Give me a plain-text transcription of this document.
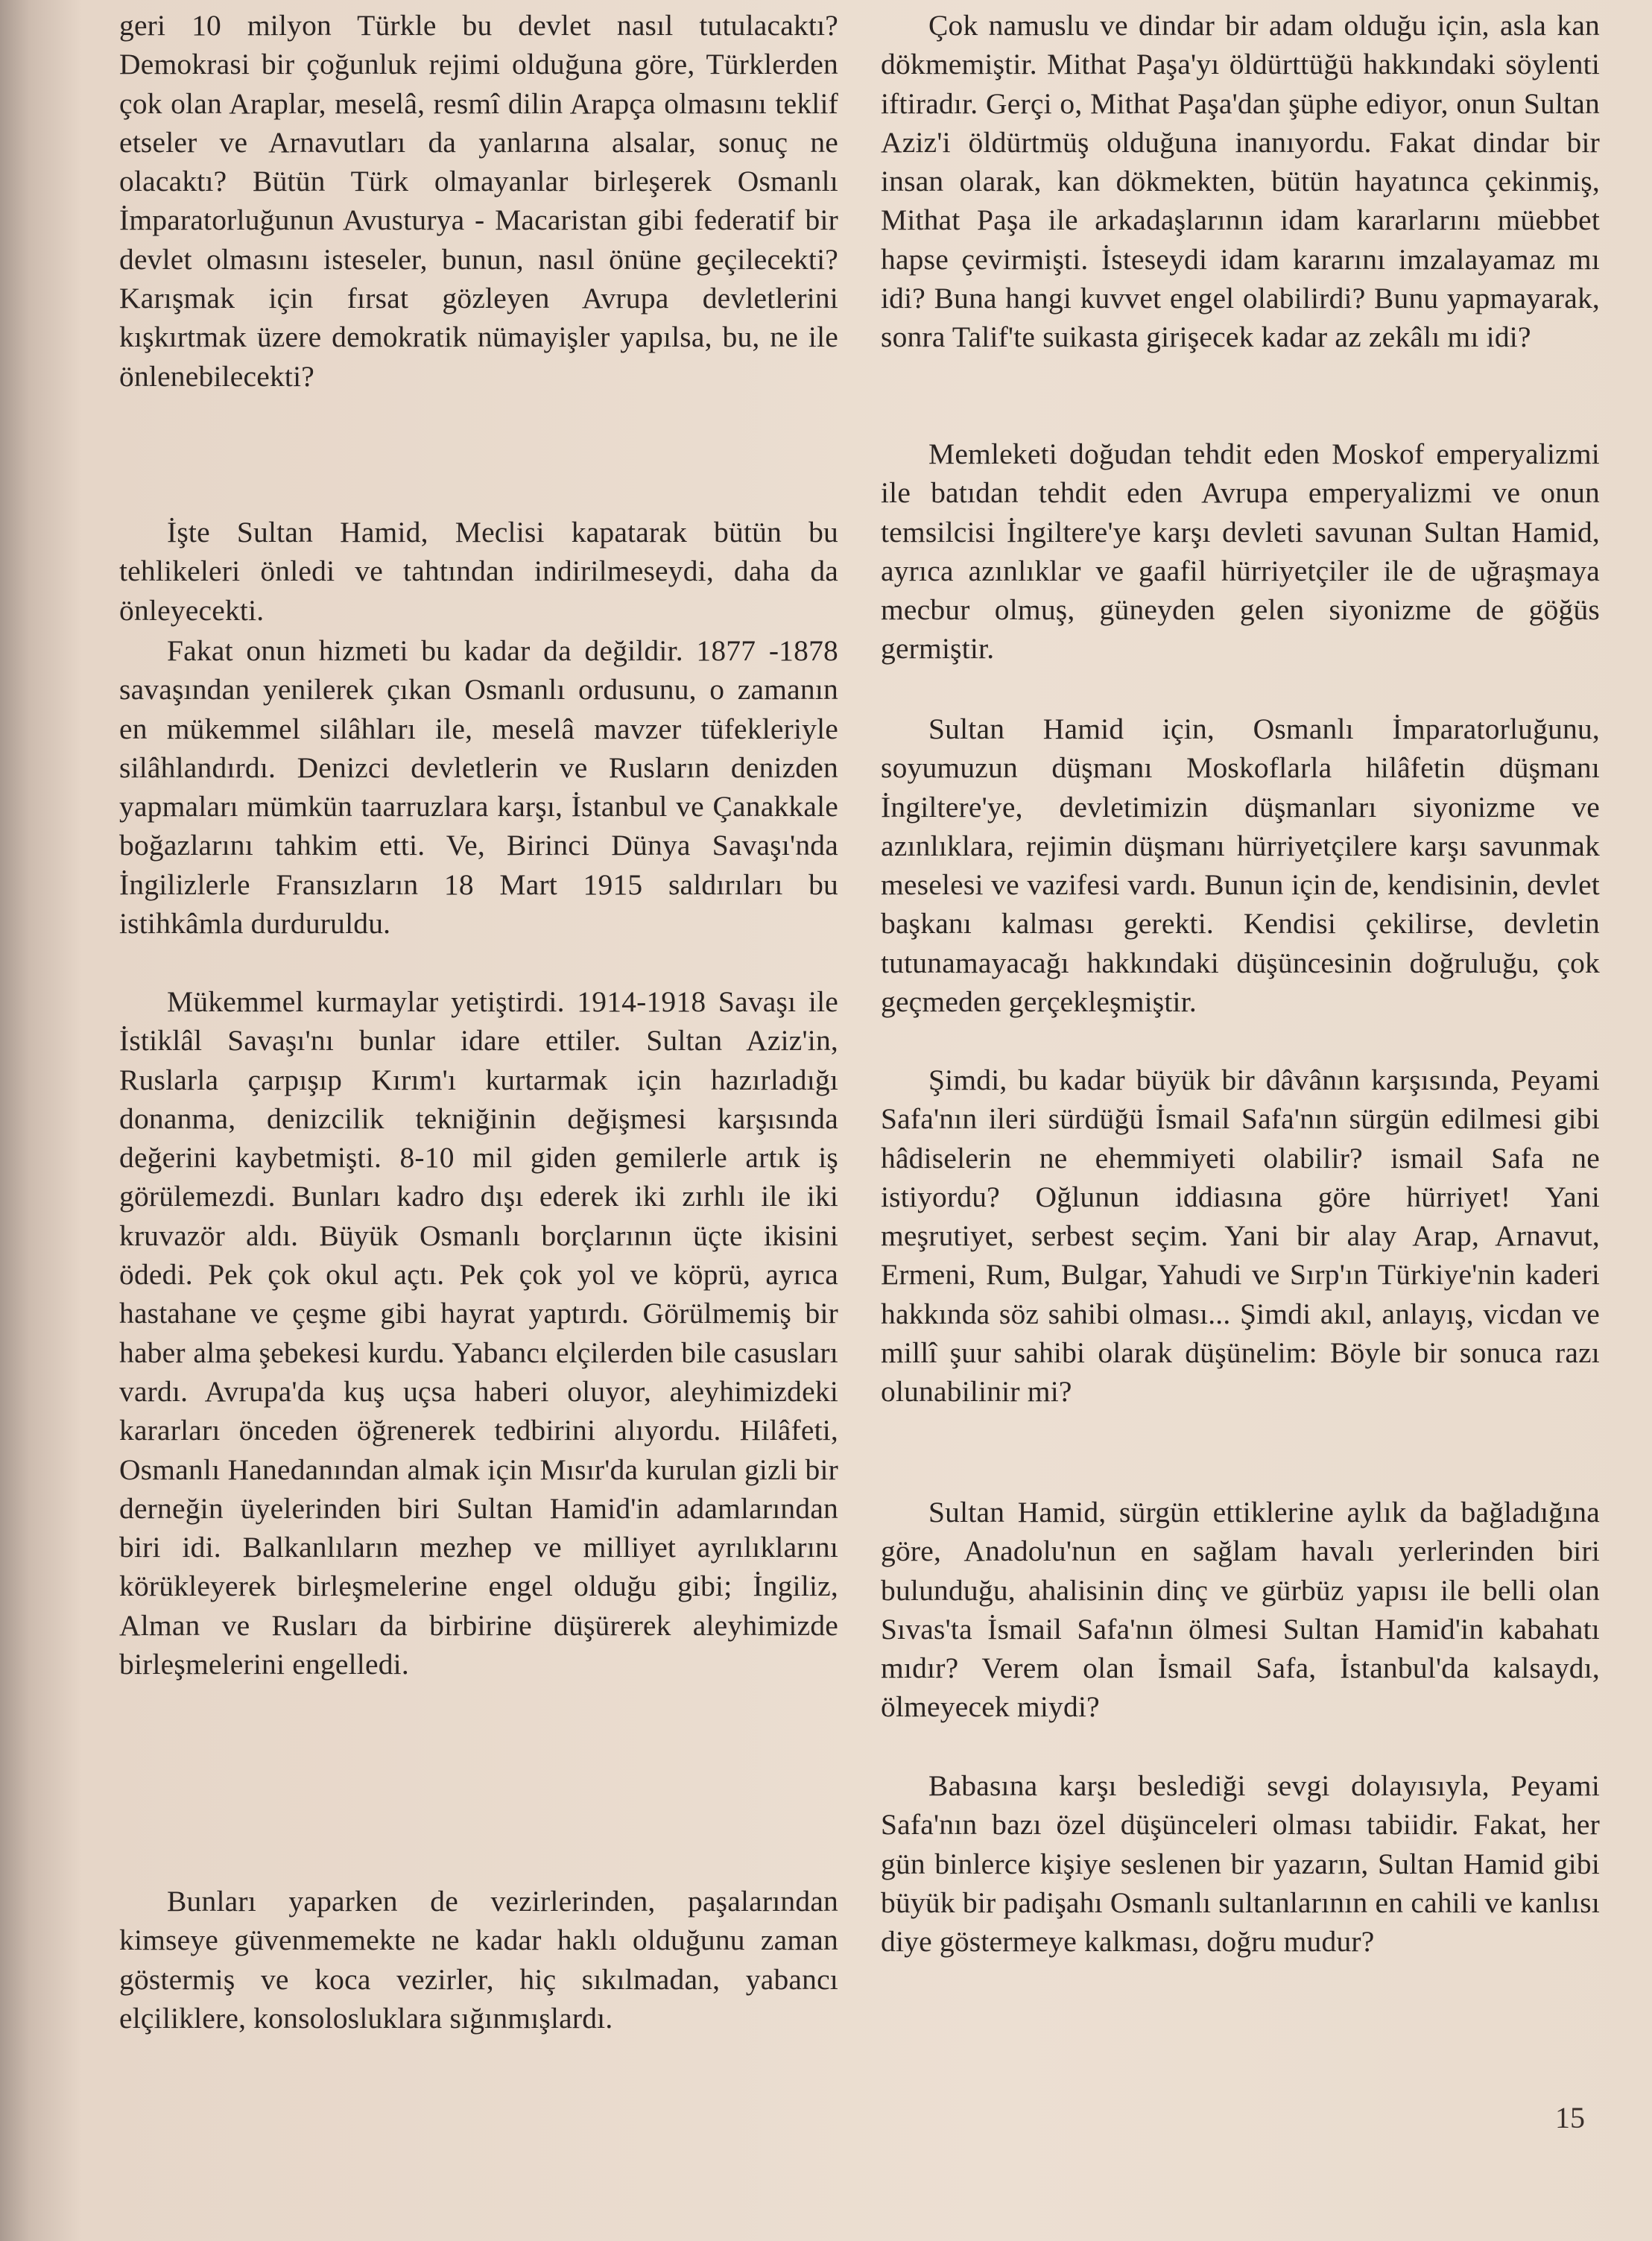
geri 10 milyon Türkle bu devlet nasıl tutulacaktı? Demokrasi bir çoğunluk rejimi olduğuna göre, Türklerden çok olan Araplar, meselâ, resmî dilin Arapça olmasını teklif etseler ve Arnavutları da yanlarına alsalar, sonuç ne olacaktı? Bütün Türk olmayanlar birleşerek Osmanlı İmparatorluğunun Avusturya - Macaristan gibi federatif bir devlet olmasını isteseler, bunun, nasıl önüne geçilecekti? Karışmak için fırsat gözleyen Avrupa devletlerini kışkırtmak üzere demokratik nümayişler yapılsa, bu, ne ile önlenebilecekti?

İşte Sultan Hamid, Meclisi kapatarak bütün bu tehlikeleri önledi ve tahtından indirilmeseydi, daha da önleyecekti.

Fakat onun hizmeti bu kadar da değildir. 1877 -1878 savaşından yenilerek çıkan Osmanlı ordusunu, o zamanın en mükemmel silâhları ile, meselâ mavzer tüfekleriyle silâhlandırdı. Denizci devletlerin ve Rusların denizden yapmaları mümkün taarruzlara karşı, İstanbul ve Çanakkale boğazlarını tahkim etti. Ve, Birinci Dünya Savaşı'nda İngilizlerle Fransızların 18 Mart 1915 saldırıları bu istihkâmla durduruldu.

Mükemmel kurmaylar yetiştirdi. 1914-1918 Savaşı ile İstiklâl Savaşı'nı bunlar idare ettiler. Sultan Aziz'in, Ruslarla çarpışıp Kırım'ı kurtarmak için hazırladığı donanma, denizcilik tekniğinin değişmesi karşısında değerini kaybetmişti. 8-10 mil giden gemilerle artık iş görülemezdi. Bunları kadro dışı ederek iki zırhlı ile iki kruvazör aldı. Büyük Osmanlı borçlarının üçte ikisini ödedi. Pek çok okul açtı. Pek çok yol ve köprü, ayrıca hastahane ve çeşme gibi hayrat yaptırdı. Görülmemiş bir haber alma şebekesi kurdu. Yabancı elçilerden bile casusları vardı. Avrupa'da kuş uçsa haberi oluyor, aleyhimizdeki kararları önceden öğrenerek tedbirini alıyordu. Hilâfeti, Osmanlı Hanedanından almak için Mısır'da kurulan gizli bir derneğin üyelerinden biri Sultan Hamid'in adamlarından biri idi. Balkanlıların mezhep ve milliyet ayrılıklarını körükleyerek birleşmelerine engel olduğu gibi; İngiliz, Alman ve Rusları da birbirine düşürerek aleyhimizde birleşmelerini engelledi.

Bunları yaparken de vezirlerinden, paşalarından kimseye güvenmemekte ne kadar haklı olduğunu zaman göstermiş ve koca vezirler, hiç sıkılmadan, yabancı elçiliklere, konsolosluklara sığınmışlardı.

Çok namuslu ve dindar bir adam olduğu için, asla kan dökmemiştir. Mithat Paşa'yı öldürttüğü hakkındaki söylenti iftiradır. Gerçi o, Mithat Paşa'dan şüphe ediyor, onun Sultan Aziz'i öldürtmüş olduğuna inanıyordu. Fakat dindar bir insan olarak, kan dökmekten, bütün hayatınca çekinmiş, Mithat Paşa ile arkadaşlarının idam kararlarını müebbet hapse çevirmişti. İsteseydi idam kararını imzalayamaz mı idi? Buna hangi kuvvet engel olabilirdi? Bunu yapmayarak, sonra Talif'te suikasta girişecek kadar az zekâlı mı idi?

Memleketi doğudan tehdit eden Moskof emperyalizmi ile batıdan tehdit eden Avrupa emperyalizmi ve onun temsilcisi İngiltere'ye karşı devleti savunan Sultan Hamid, ayrıca azınlıklar ve gaafil hürriyetçiler ile de uğraşmaya mecbur olmuş, güneyden gelen siyonizme de göğüs germiştir.

Sultan Hamid için, Osmanlı İmparatorluğunu, soyumuzun düşmanı Moskoflarla hilâfetin düşmanı İngiltere'ye, devletimizin düşmanları siyonizme ve azınlıklara, rejimin düşmanı hürriyetçilere karşı savunmak meselesi ve vazifesi vardı. Bunun için de, kendisinin, devlet başkanı kalması gerekti. Kendisi çekilirse, devletin tutunamayacağı hakkındaki düşüncesinin doğruluğu, çok geçmeden gerçekleşmiştir.

Şimdi, bu kadar büyük bir dâvânın karşısında, Peyami Safa'nın ileri sürdüğü İsmail Safa'nın sürgün edilmesi gibi hâdiselerin ne ehemmiyeti olabilir? ismail Safa ne istiyordu? Oğlunun iddiasına göre hürriyet! Yani meşrutiyet, serbest seçim. Yani bir alay Arap, Arnavut, Ermeni, Rum, Bulgar, Yahudi ve Sırp'ın Türkiye'nin kaderi hakkında söz sahibi olması... Şimdi akıl, anlayış, vicdan ve millî şuur sahibi olarak düşünelim: Böyle bir sonuca razı olunabilinir mi?

Sultan Hamid, sürgün ettiklerine aylık da bağladığına göre, Anadolu'nun en sağlam havalı yerlerinden biri bulunduğu, ahalisinin dinç ve gürbüz yapısı ile belli olan Sıvas'ta İsmail Safa'nın ölmesi Sultan Hamid'in kabahatı mıdır? Verem olan İsmail Safa, İstanbul'da kalsaydı, ölmeyecek miydi?

Babasına karşı beslediği sevgi dolayısıyla, Peyami Safa'nın bazı özel düşünceleri olması tabiidir. Fakat, her gün binlerce kişiye seslenen bir yazarın, Sultan Hamid gibi büyük bir padişahı Osmanlı sultanlarının en cahili ve kanlısı diye göstermeye kalkması, doğru mudur?

15
